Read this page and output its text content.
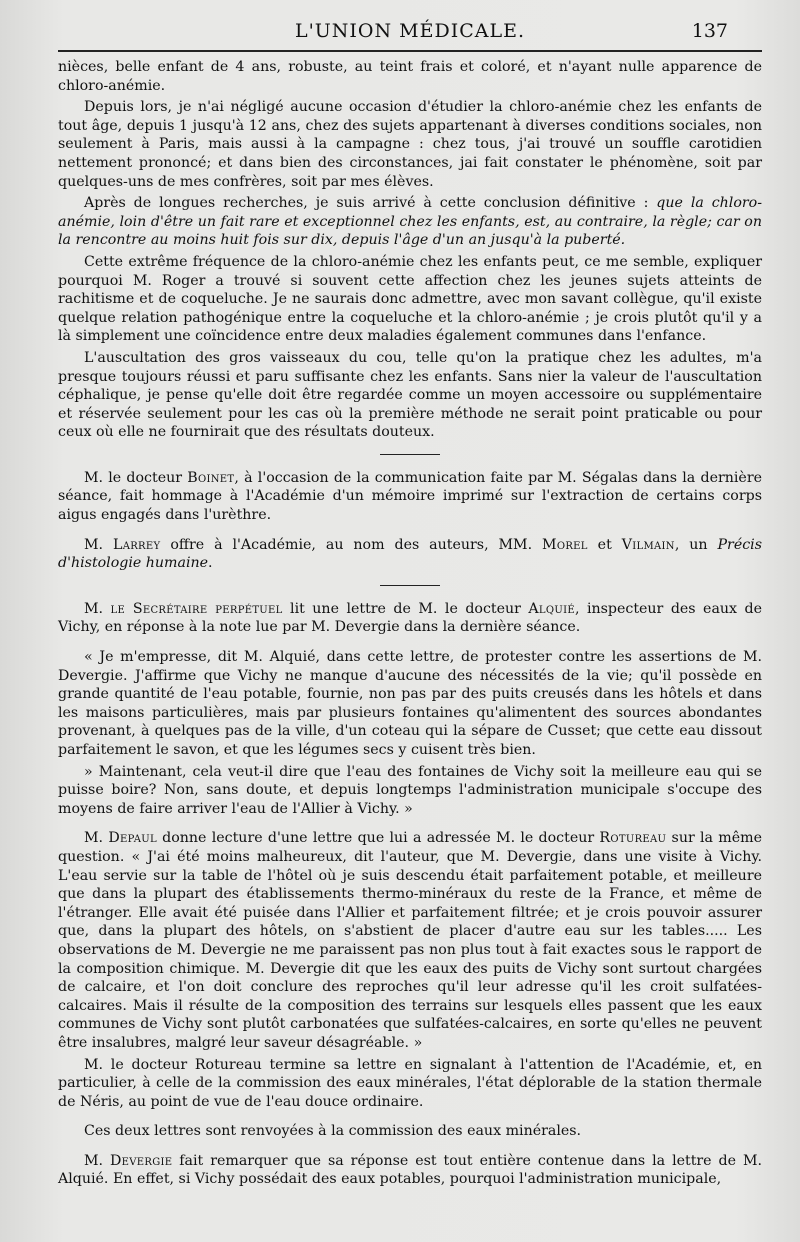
L'UNION MÉDICALE.	137

nièces, belle enfant de 4 ans, robuste, au teint frais et coloré, et n'ayant nulle apparence de chloro-anémie.

Depuis lors, je n'ai négligé aucune occasion d'étudier la chloro-anémie chez les enfants de tout âge, depuis 1 jusqu'à 12 ans, chez des sujets appartenant à diverses conditions sociales, non seulement à Paris, mais aussi à la campagne : chez tous, j'ai trouvé un souffle carotidien nettement prononcé; et dans bien des circonstances, jai fait constater le phénomène, soit par quelques-uns de mes confrères, soit par mes élèves.

Après de longues recherches, je suis arrivé à cette conclusion définitive : que la chloro-anémie, loin d'être un fait rare et exceptionnel chez les enfants, est, au contraire, la règle; car on la rencontre au moins huit fois sur dix, depuis l'âge d'un an jusqu'à la puberté.

Cette extrême fréquence de la chloro-anémie chez les enfants peut, ce me semble, expliquer pourquoi M. Roger a trouvé si souvent cette affection chez les jeunes sujets atteints de rachitisme et de coqueluche. Je ne saurais donc admettre, avec mon savant collègue, qu'il existe quelque relation pathogénique entre la coqueluche et la chloro-anémie ; je crois plutôt qu'il y a là simplement une coïncidence entre deux maladies également communes dans l'enfance.

L'auscultation des gros vaisseaux du cou, telle qu'on la pratique chez les adultes, m'a presque toujours réussi et paru suffisante chez les enfants. Sans nier la valeur de l'auscultation céphalique, je pense qu'elle doit être regardée comme un moyen accessoire ou supplémentaire et réservée seulement pour les cas où la première méthode ne serait point praticable ou pour ceux où elle ne fournirait que des résultats douteux.

M. le docteur Boinet, à l'occasion de la communication faite par M. Ségalas dans la dernière séance, fait hommage à l'Académie d'un mémoire imprimé sur l'extraction de certains corps aigus engagés dans l'urèthre.

M. Larrey offre à l'Académie, au nom des auteurs, MM. Morel et Vilmain, un Précis d'histologie humaine.

M. le Secrétaire perpétuel lit une lettre de M. le docteur Alquié, inspecteur des eaux de Vichy, en réponse à la note lue par M. Devergie dans la dernière séance.

« Je m'empresse, dit M. Alquié, dans cette lettre, de protester contre les assertions de M. Devergie. J'affirme que Vichy ne manque d'aucune des nécessités de la vie; qu'il possède en grande quantité de l'eau potable, fournie, non pas par des puits creusés dans les hôtels et dans les maisons particulières, mais par plusieurs fontaines qu'alimentent des sources abondantes provenant, à quelques pas de la ville, d'un coteau qui la sépare de Cusset; que cette eau dissout parfaitement le savon, et que les légumes secs y cuisent très bien.

» Maintenant, cela veut-il dire que l'eau des fontaines de Vichy soit la meilleure eau qui se puisse boire? Non, sans doute, et depuis longtemps l'administration municipale s'occupe des moyens de faire arriver l'eau de l'Allier à Vichy. »

M. Depaul donne lecture d'une lettre que lui a adressée M. le docteur Rotureau sur la même question. « J'ai été moins malheureux, dit l'auteur, que M. Devergie, dans une visite à Vichy. L'eau servie sur la table de l'hôtel où je suis descendu était parfaitement potable, et meilleure que dans la plupart des établissements thermo-minéraux du reste de la France, et même de l'étranger. Elle avait été puisée dans l'Allier et parfaitement filtrée; et je crois pouvoir assurer que, dans la plupart des hôtels, on s'abstient de placer d'autre eau sur les tables..... Les observations de M. Devergie ne me paraissent pas non plus tout à fait exactes sous le rapport de la composition chimique. M. Devergie dit que les eaux des puits de Vichy sont surtout chargées de calcaire, et l'on doit conclure des reproches qu'il leur adresse qu'il les croit sulfatées-calcaires. Mais il résulte de la composition des terrains sur lesquels elles passent que les eaux communes de Vichy sont plutôt carbonatées que sulfatées-calcaires, en sorte qu'elles ne peuvent être insalubres, malgré leur saveur désagréable. »

M. le docteur Rotureau termine sa lettre en signalant à l'attention de l'Académie, et, en particulier, à celle de la commission des eaux minérales, l'état déplorable de la station thermale de Néris, au point de vue de l'eau douce ordinaire.

Ces deux lettres sont renvoyées à la commission des eaux minérales.

M. Devergie fait remarquer que sa réponse est tout entière contenue dans la lettre de M. Alquié. En effet, si Vichy possédait des eaux potables, pourquoi l'administration municipale,
